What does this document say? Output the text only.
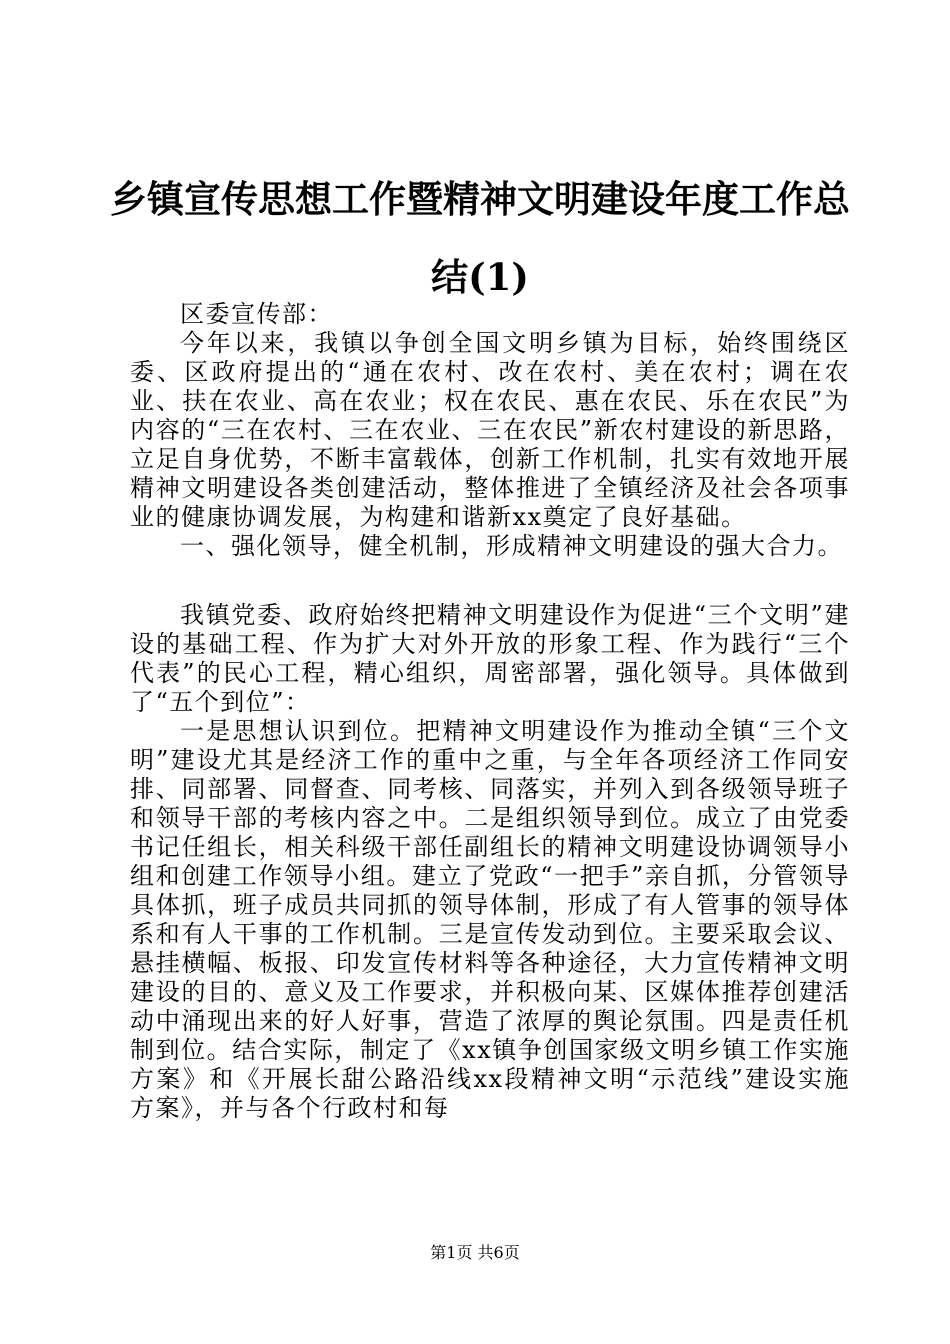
乡镇宣传思想工作暨精神文明建设年度工作总结(1)

区委宣传部：

今年以来，我镇以争创全国文明乡镇为目标，始终围绕区委、区政府提出的“通在农村、改在农村、美在农村；调在农业、扶在农业、高在农业；权在农民、惠在农民、乐在农民”为内容的“三在农村、三在农业、三在农民”新农村建设的新思路，立足自身优势，不断丰富载体，创新工作机制，扎实有效地开展精神文明建设各类创建活动，整体推进了全镇经济及社会各项事业的健康协调发展，为构建和谐新xx奠定了良好基础。

一、强化领导，健全机制，形成精神文明建设的强大合力。

我镇党委、政府始终把精神文明建设作为促进“三个文明”建设的基础工程、作为扩大对外开放的形象工程、作为践行“三个代表”的民心工程，精心组织，周密部署，强化领导。具体做到了“五个到位”：

一是思想认识到位。把精神文明建设作为推动全镇“三个文明”建设尤其是经济工作的重中之重，与全年各项经济工作同安排、同部署、同督查、同考核、同落实，并列入到各级领导班子和领导干部的考核内容之中。二是组织领导到位。成立了由党委书记任组长，相关科级干部任副组长的精神文明建设协调领导小组和创建工作领导小组。建立了党政“一把手”亲自抓，分管领导具体抓，班子成员共同抓的领导体制，形成了有人管事的领导体系和有人干事的工作机制。三是宣传发动到位。主要采取会议、悬挂横幅、板报、印发宣传材料等各种途径，大力宣传精神文明建设的目的、意义及工作要求，并积极向某、区媒体推荐创建活动中涌现出来的好人好事，营造了浓厚的舆论氛围。四是责任机制到位。结合实际，制定了《xx镇争创国家级文明乡镇工作实施方案》和《开展长甜公路沿线xx段精神文明“示范线”建设实施方案》，并与各个行政村和每

第1页 共6页
